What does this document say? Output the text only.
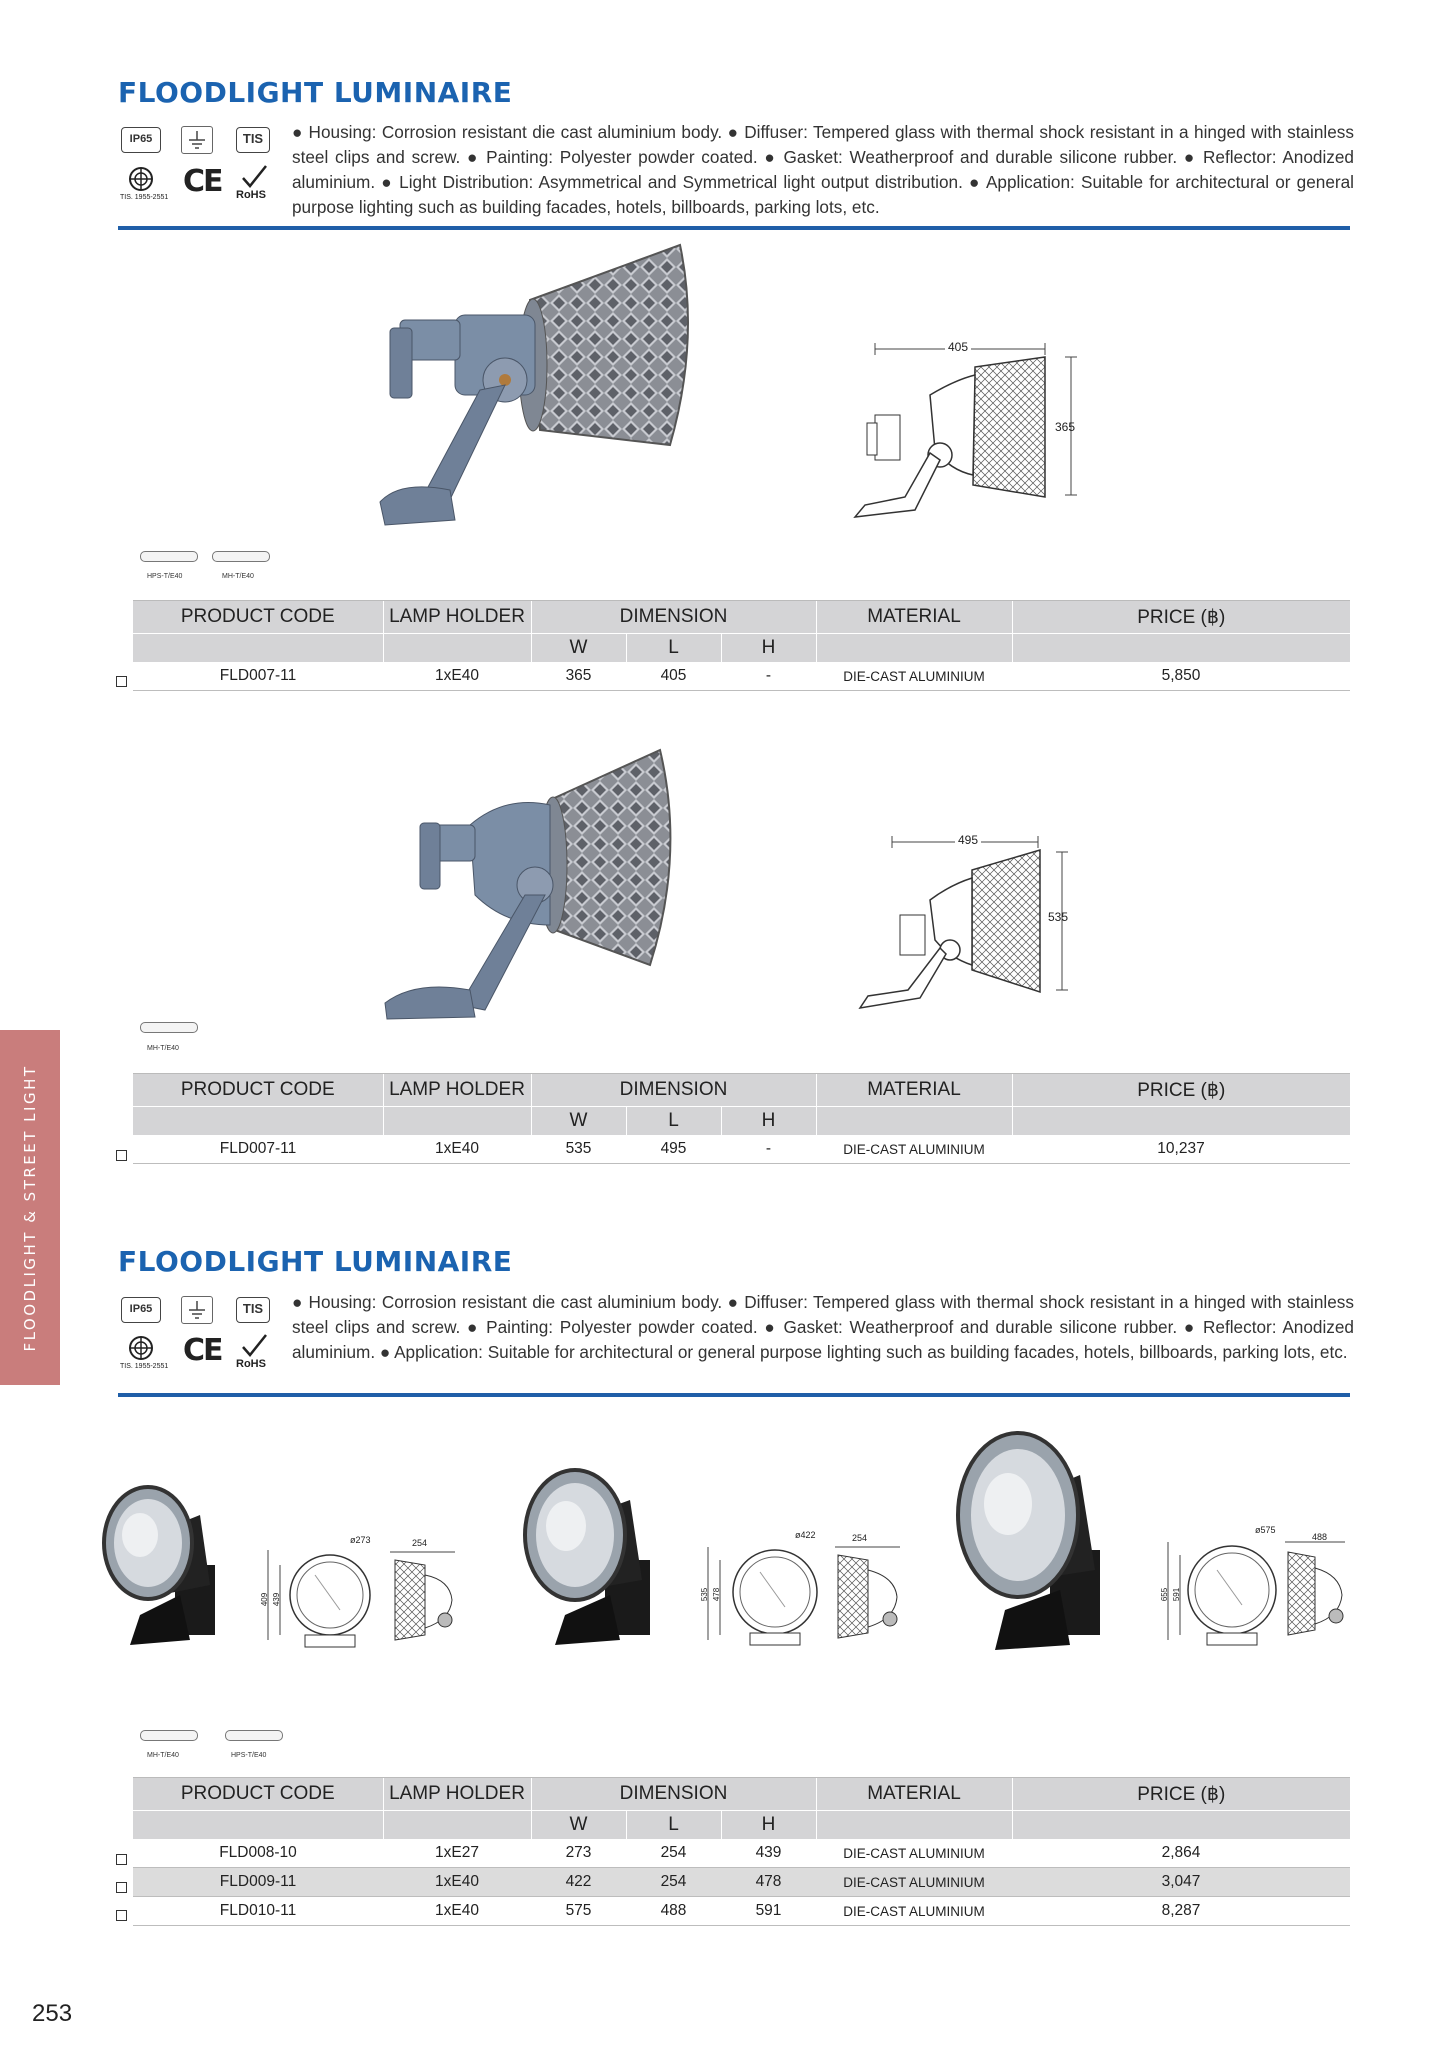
FLOODLIGHT & STREET LIGHT
FLOODLIGHT LUMINAIRE
IP65	TIS
TIS. 1955-2551 CE RoHS
● Housing: Corrosion resistant die cast aluminium body. ● Diffuser: Tempered glass with thermal shock resistant in a hinged with stainless steel clips and screw. ● Painting: Polyester powder coated. ● Gasket: Weatherproof and durable silicone rubber. ● Reflector: Anodized aluminium. ● Light Distribution: Asymmetrical and Symmetrical light output distribution. ● Application: Suitable for architectural or general purpose lighting such as building facades, hotels, billboards, parking lots, etc.
405
365
HPS-T/E40	MH-T/E40
PRODUCT CODE	LAMP HOLDER	DIMENSION			MATERIAL	PRICE (฿)
		W	L	H		
FLD007-11	1xE40	365	405	-	DIE-CAST ALUMINIUM	5,850
495
535
MH-T/E40
PRODUCT CODE	LAMP HOLDER	DIMENSION			MATERIAL	PRICE (฿)
		W	L	H		
FLD007-11	1xE40	535	495	-	DIE-CAST ALUMINIUM	10,237
FLOODLIGHT LUMINAIRE
IP65	TIS
TIS. 1955-2551 CE RoHS
● Housing: Corrosion resistant die cast aluminium body. ● Diffuser: Tempered glass with thermal shock resistant in a hinged with stainless steel clips and screw. ● Painting: Polyester powder coated. ● Gasket: Weatherproof and durable silicone rubber. ● Reflector: Anodized aluminium. ● Application: Suitable for architectural or general purpose lighting such as building facades, hotels, billboards, parking lots, etc.
ø273	254
409 439
ø422	254
535 478
ø575
488
655 591
MH-T/E40	HPS-T/E40
PRODUCT CODE	LAMP HOLDER	DIMENSION			MATERIAL	PRICE (฿)
		W	L	H		
FLD008-10	1xE27	273	254	439	DIE-CAST ALUMINIUM	2,864
FLD009-11	1xE40	422	254	478	DIE-CAST ALUMINIUM	3,047
FLD010-11	1xE40	575	488	591	DIE-CAST ALUMINIUM	8,287
253
